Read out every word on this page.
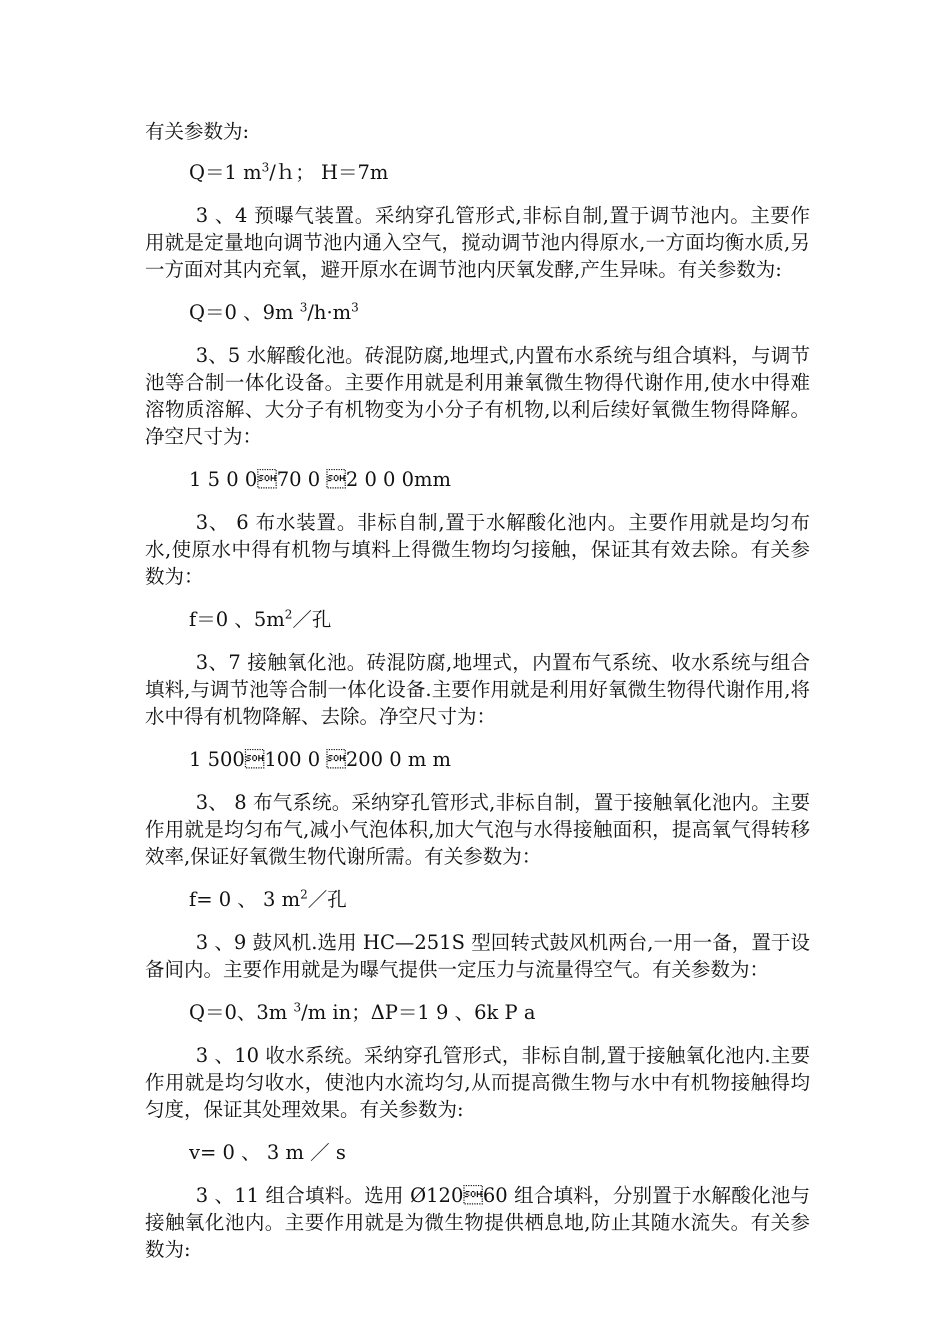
有关参数为:

Q＝1 $m^3/h$； H＝7m

3 、4 预曝气装置。采纳穿孔管形式,非标自制,置于调节池内。主要作用就是定量地向调节池内通入空气，搅动调节池内得原水,一方面均衡水质,另一方面对其内充氧，避开原水在调节池内厌氧发酵,产生异味。有关参数为:

Q＝0 、9m $^3/h\cdot m^3$

3、5 水解酸化池。砖混防腐,地埋式,内置布水系统与组合填料，与调节池等合制一体化设备。主要作用就是利用兼氧微生物得代谢作用,使水中得难溶物质溶解、大分子有机物变为小分子有机物,以利后续好氧微生物得降解。净空尺寸为：

1 5 0 070 0 2 0 0 0mm

3、 6 布水装置。非标自制,置于水解酸化池内。主要作用就是均匀布水,使原水中得有机物与填料上得微生物均匀接触，保证其有效去除。有关参数为：

f＝0 、$5m^2/$孔

3、7 接触氧化池。砖混防腐,地埋式，内置布气系统、收水系统与组合填料,与调节池等合制一体化设备.主要作用就是利用好氧微生物得代谢作用,将水中得有机物降解、去除。净空尺寸为：

1 500100 0 200 0 m m

3、 8 布气系统。采纳穿孔管形式,非标自制，置于接触氧化池内。主要作用就是均匀布气,减小气泡体积,加大气泡与水得接触面积，提高氧气得转移效率,保证好氧微生物代谢所需。有关参数为：

f= 0 、 3 $m^2/$孔

3 、9 鼓风机.选用 HC—251S 型回转式鼓风机两台,一用一备，置于设备间内。主要作用就是为曝气提供一定压力与流量得空气。有关参数为：

Q＝0、3m $^3$/m in；ΔP＝1 9 、6k P a

3 、10 收水系统。采纳穿孔管形式，非标自制,置于接触氧化池内.主要作用就是均匀收水，使池内水流均匀,从而提高微生物与水中有机物接触得均匀度，保证其处理效果。有关参数为:

v= 0 、 3 m ／ s

3 、11 组合填料。选用 Ø12060 组合填料，分别置于水解酸化池与接触氧化池内。主要作用就是为微生物提供栖息地,防止其随水流失。有关参数为:
